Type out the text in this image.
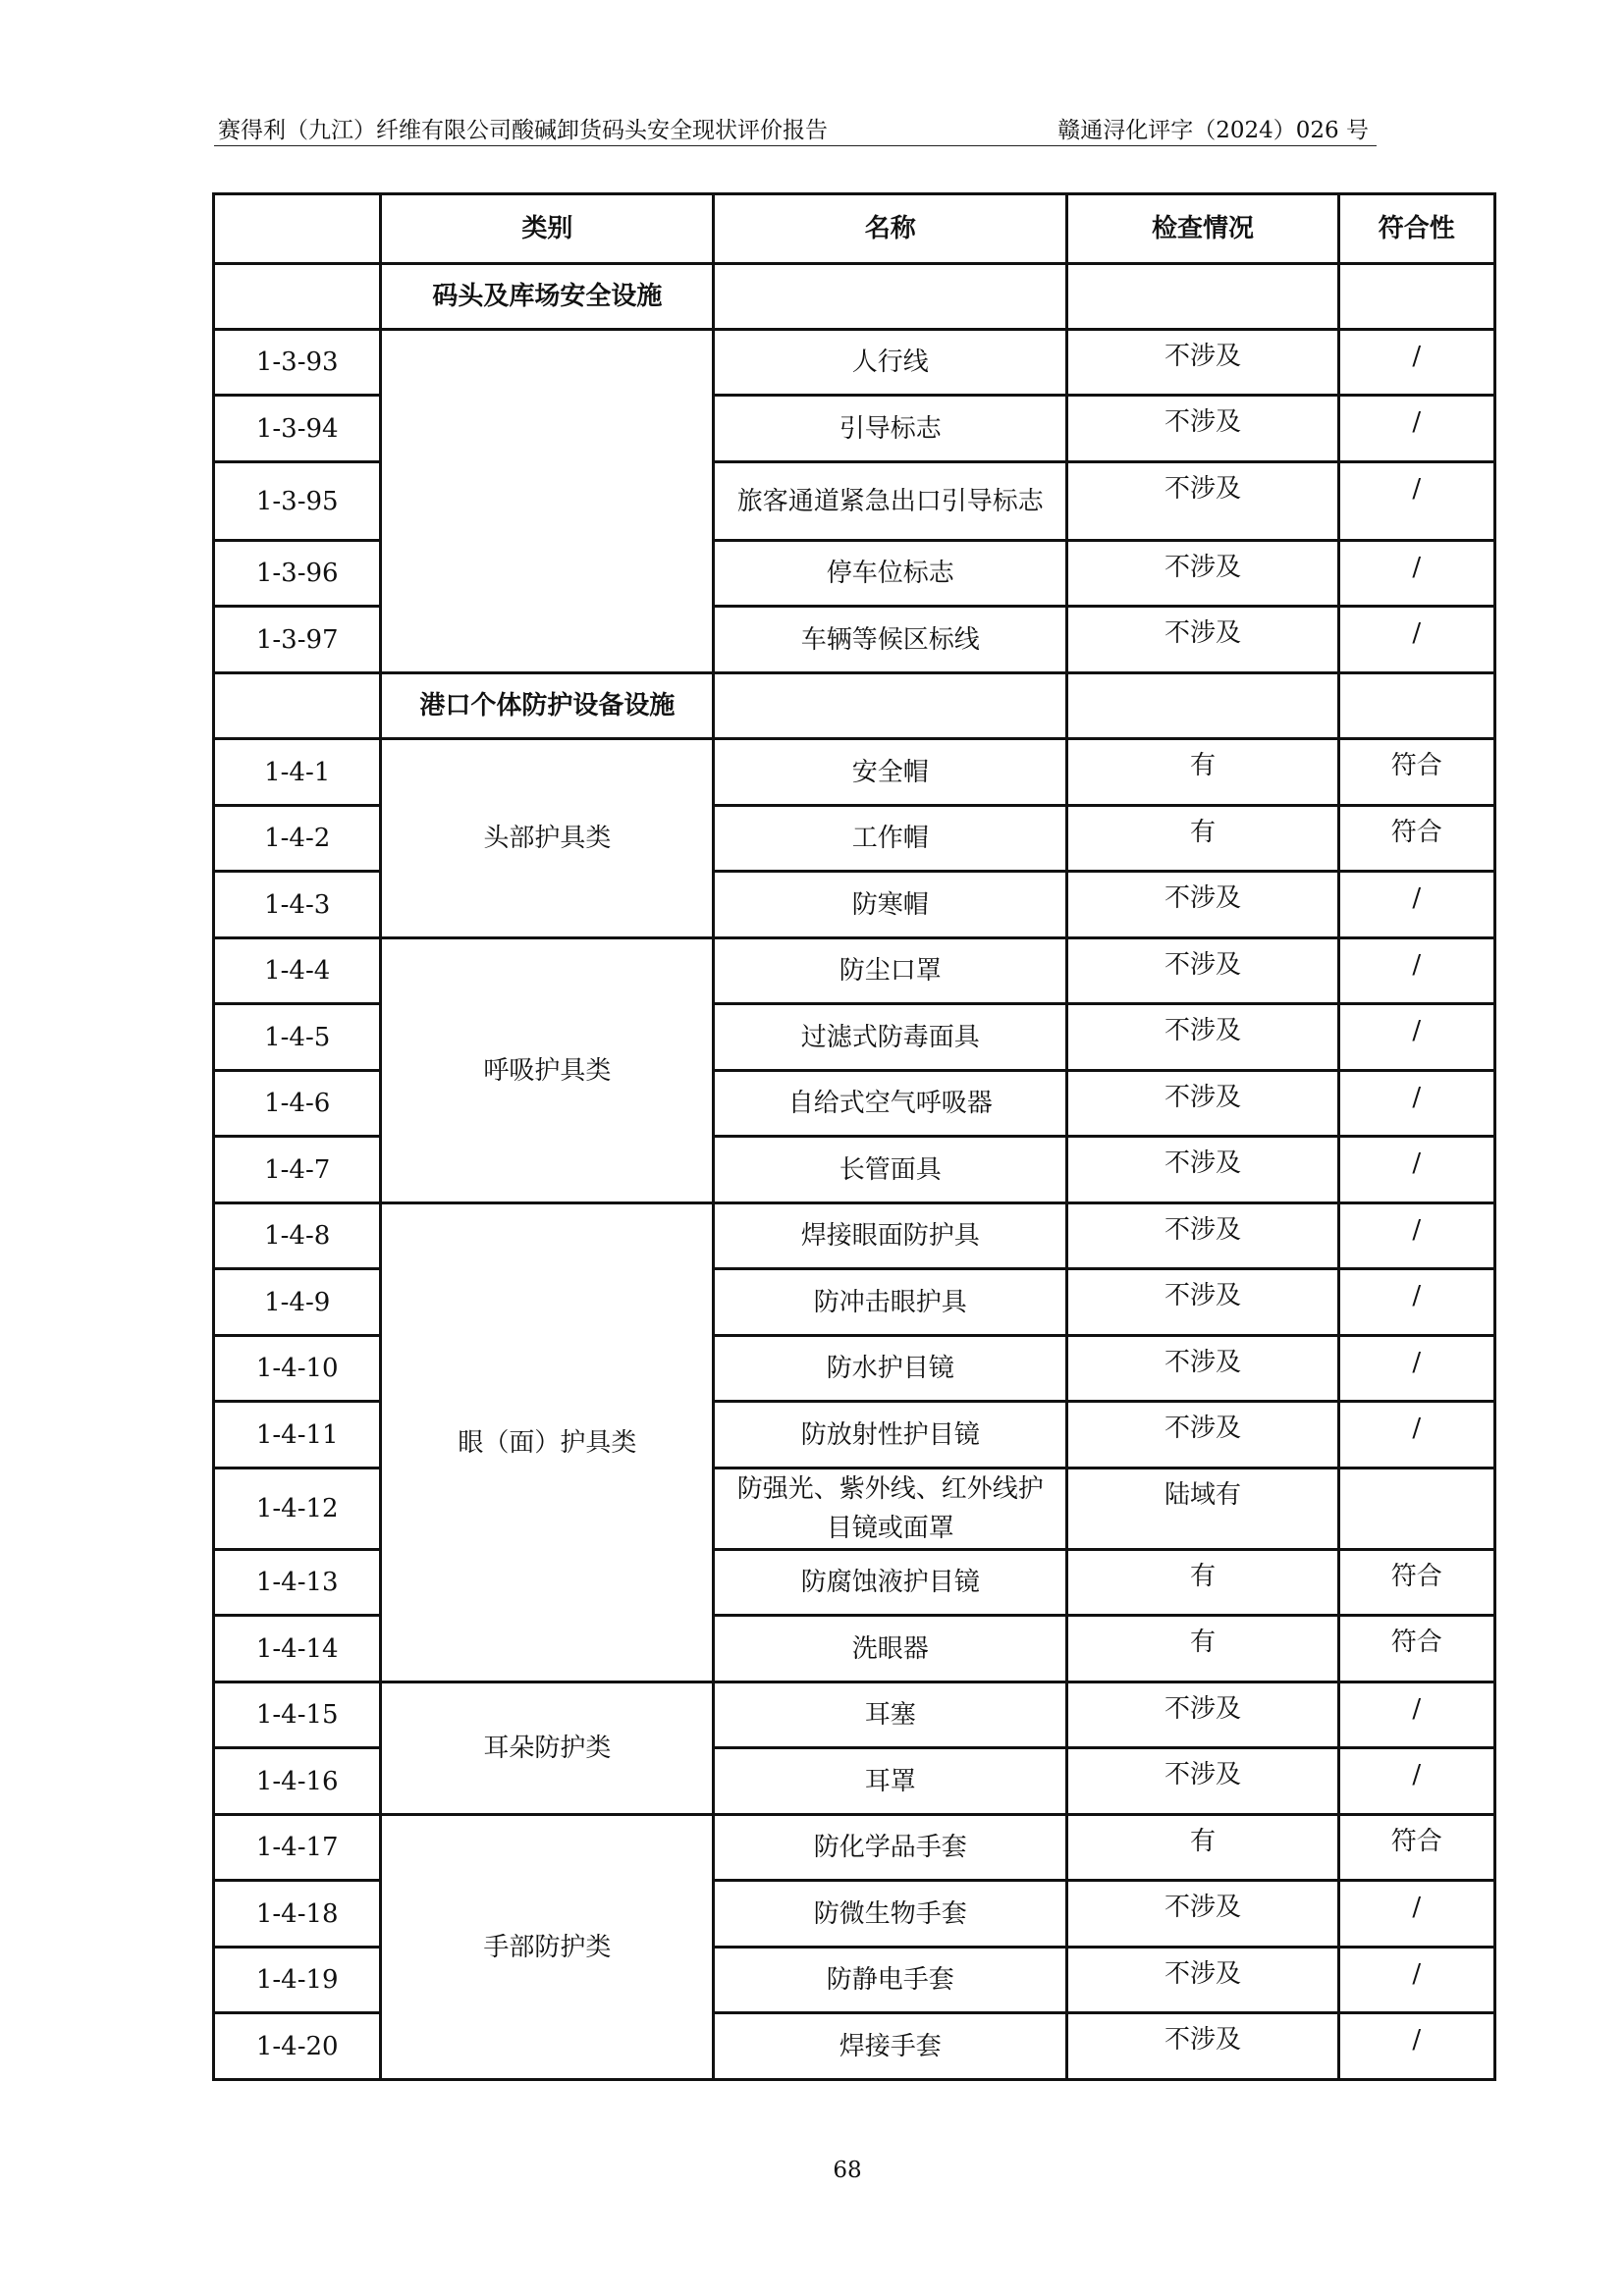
赛得利（九江）纤维有限公司酸碱卸货码头安全现状评价报告	赣通浔化评字（2024）026 号
	类别	名称	检查情况	符合性
	码头及库场安全设施			
1-3-93		人行线	不涉及	/
1-3-94		引导标志	不涉及	/
1-3-95		旅客通道紧急出口引导标志	不涉及	/
1-3-96		停车位标志	不涉及	/
1-3-97		车辆等候区标线	不涉及	/
	港口个体防护设备设施			
1-4-1	头部护具类	安全帽	有	符合
1-4-2		工作帽	有	符合
1-4-3		防寒帽	不涉及	/
1-4-4	呼吸护具类	防尘口罩	不涉及	/
1-4-5		过滤式防毒面具	不涉及	/
1-4-6		自给式空气呼吸器	不涉及	/
1-4-7		长管面具	不涉及	/
1-4-8	眼（面）护具类	焊接眼面防护具	不涉及	/
1-4-9		防冲击眼护具	不涉及	/
1-4-10		防水护目镜	不涉及	/
1-4-11		防放射性护目镜	不涉及	/
1-4-12		防强光、紫外线、红外线护目镜或面罩	陆域有	
1-4-13		防腐蚀液护目镜	有	符合
1-4-14		洗眼器	有	符合
1-4-15	耳朵防护类	耳塞	不涉及	/
1-4-16		耳罩	不涉及	/
1-4-17	手部防护类	防化学品手套	有	符合
1-4-18		防微生物手套	不涉及	/
1-4-19		防静电手套	不涉及	/
1-4-20		焊接手套	不涉及	/
68
